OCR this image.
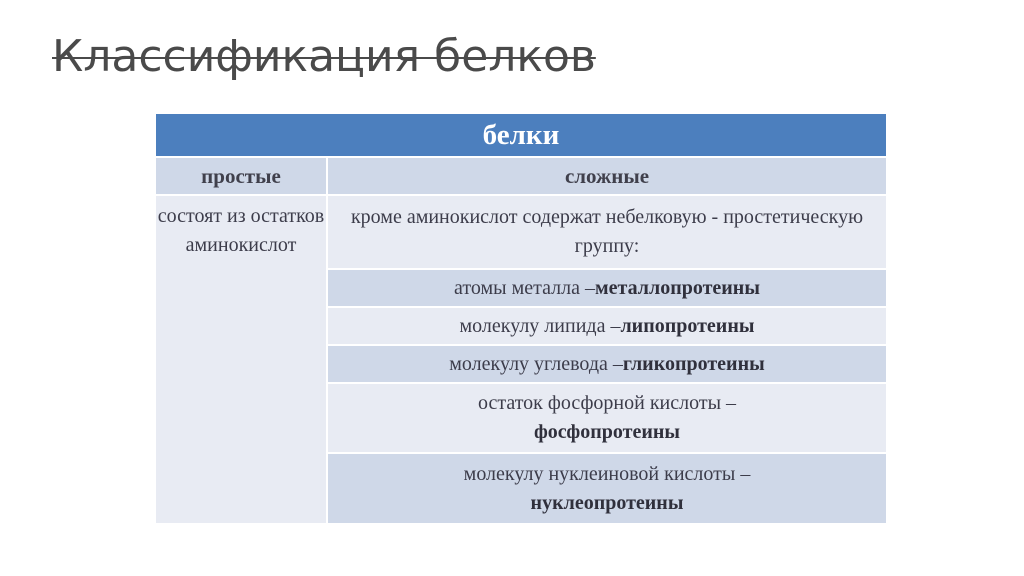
Классификация белков
белки
простые	сложные
состоят из остатков аминокислот
кроме аминокислот содержат небелковую - простетическую группу:
атомы металла – металлопротеины
молекулу липида – липопротеины
молекулу углевода – гликопротеины
остаток фосфорной кислоты –
фосфопротеины
молекулу нуклеиновой кислоты –
нуклеопротеины
